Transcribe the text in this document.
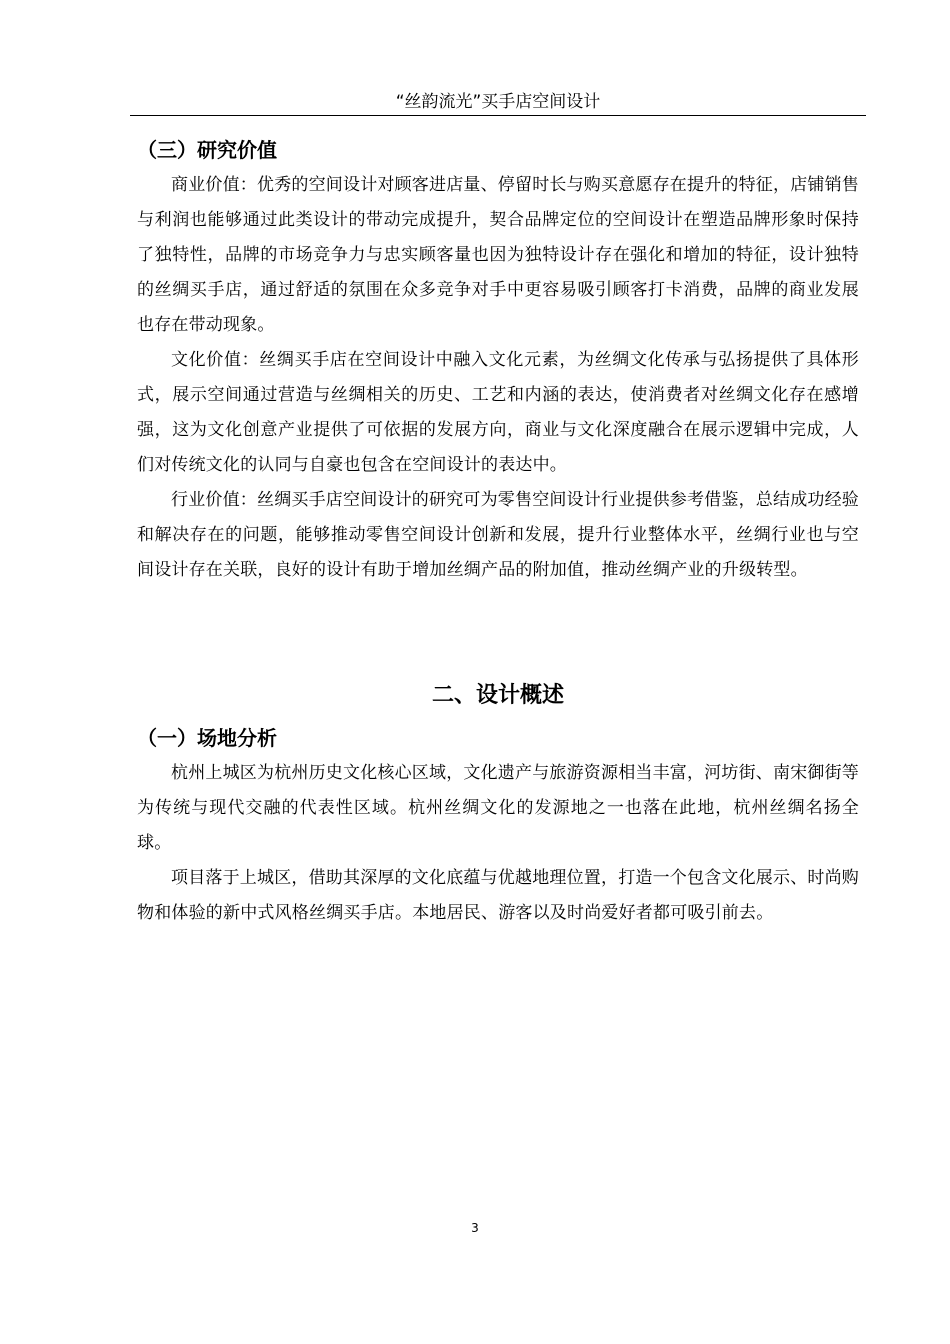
“丝韵流光”买手店空间设计
（三）研究价值

商业价值：优秀的空间设计对顾客进店量、停留时长与购买意愿存在提升的特征，店铺销售与利润也能够通过此类设计的带动完成提升，契合品牌定位的空间设计在塑造品牌形象时保持了独特性，品牌的市场竞争力与忠实顾客量也因为独特设计存在强化和增加的特征，设计独特的丝绸买手店，通过舒适的氛围在众多竞争对手中更容易吸引顾客打卡消费，品牌的商业发展也存在带动现象。

文化价值：丝绸买手店在空间设计中融入文化元素，为丝绸文化传承与弘扬提供了具体形式，展示空间通过营造与丝绸相关的历史、工艺和内涵的表达，使消费者对丝绸文化存在感增强，这为文化创意产业提供了可依据的发展方向，商业与文化深度融合在展示逻辑中完成，人们对传统文化的认同与自豪也包含在空间设计的表达中。

行业价值：丝绸买手店空间设计的研究可为零售空间设计行业提供参考借鉴，总结成功经验和解决存在的问题，能够推动零售空间设计创新和发展，提升行业整体水平，丝绸行业也与空间设计存在关联，良好的设计有助于增加丝绸产品的附加值，推动丝绸产业的升级转型。

二、设计概述
（一）场地分析

杭州上城区为杭州历史文化核心区域，文化遗产与旅游资源相当丰富，河坊街、南宋御街等为传统与现代交融的代表性区域。杭州丝绸文化的发源地之一也落在此地，杭州丝绸名扬全球。

项目落于上城区，借助其深厚的文化底蕴与优越地理位置，打造一个包含文化展示、时尚购物和体验的新中式风格丝绸买手店。本地居民、游客以及时尚爱好者都可吸引前去。

3
